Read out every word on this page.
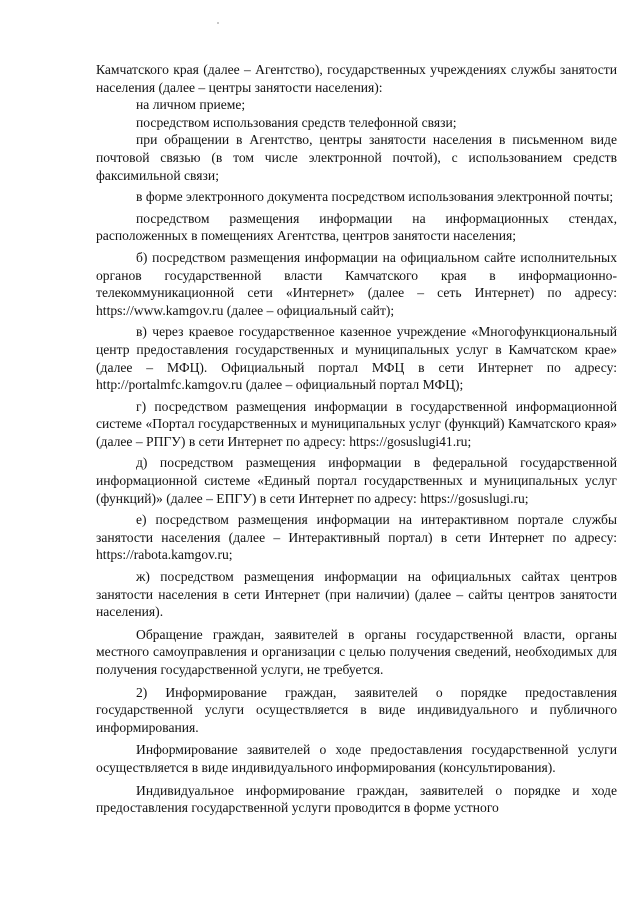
Камчатского края (далее – Агентство), государственных учреждениях службы занятости населения (далее – центры занятости населения):

на личном приеме;

посредством использования средств телефонной связи;

при обращении в Агентство, центры занятости населения в письменном виде почтовой связью (в том числе электронной почтой), с использованием средств факсимильной связи;

в форме электронного документа посредством использования электронной почты;

посредством размещения информации на информационных стендах, расположенных в помещениях Агентства, центров занятости населения;

б) посредством размещения информации на официальном сайте исполнительных органов государственной власти Камчатского края в информационно-телекоммуникационной сети «Интернет» (далее – сеть Интернет) по адресу: https://www.kamgov.ru (далее – официальный сайт);

в) через краевое государственное казенное учреждение «Многофункциональный центр предоставления государственных и муниципальных услуг в Камчатском крае» (далее – МФЦ). Официальный портал МФЦ в сети Интернет по адресу: http://portalmfc.kamgov.ru (далее – официальный портал МФЦ);

г) посредством размещения информации в государственной информационной системе «Портал государственных и муниципальных услуг (функций) Камчатского края» (далее – РПГУ) в сети Интернет по адресу: https://gosuslugi41.ru;

д) посредством размещения информации в федеральной государственной информационной системе «Единый портал государственных и муниципальных услуг (функций)» (далее – ЕПГУ) в сети Интернет по адресу: https://gosuslugi.ru;

е) посредством размещения информации на интерактивном портале службы занятости населения (далее – Интерактивный портал) в сети Интернет по адресу: https://rabota.kamgov.ru;

ж) посредством размещения информации на официальных сайтах центров занятости населения в сети Интернет (при наличии) (далее – сайты центров занятости населения).

Обращение граждан, заявителей в органы государственной власти, органы местного самоуправления и организации с целью получения сведений, необходимых для получения государственной услуги, не требуется.

2) Информирование граждан, заявителей о порядке предоставления государственной услуги осуществляется в виде индивидуального и публичного информирования.

Информирование заявителей о ходе предоставления государственной услуги осуществляется в виде индивидуального информирования (консультирования).

Индивидуальное информирование граждан, заявителей о порядке и ходе предоставления государственной услуги проводится в форме устного
